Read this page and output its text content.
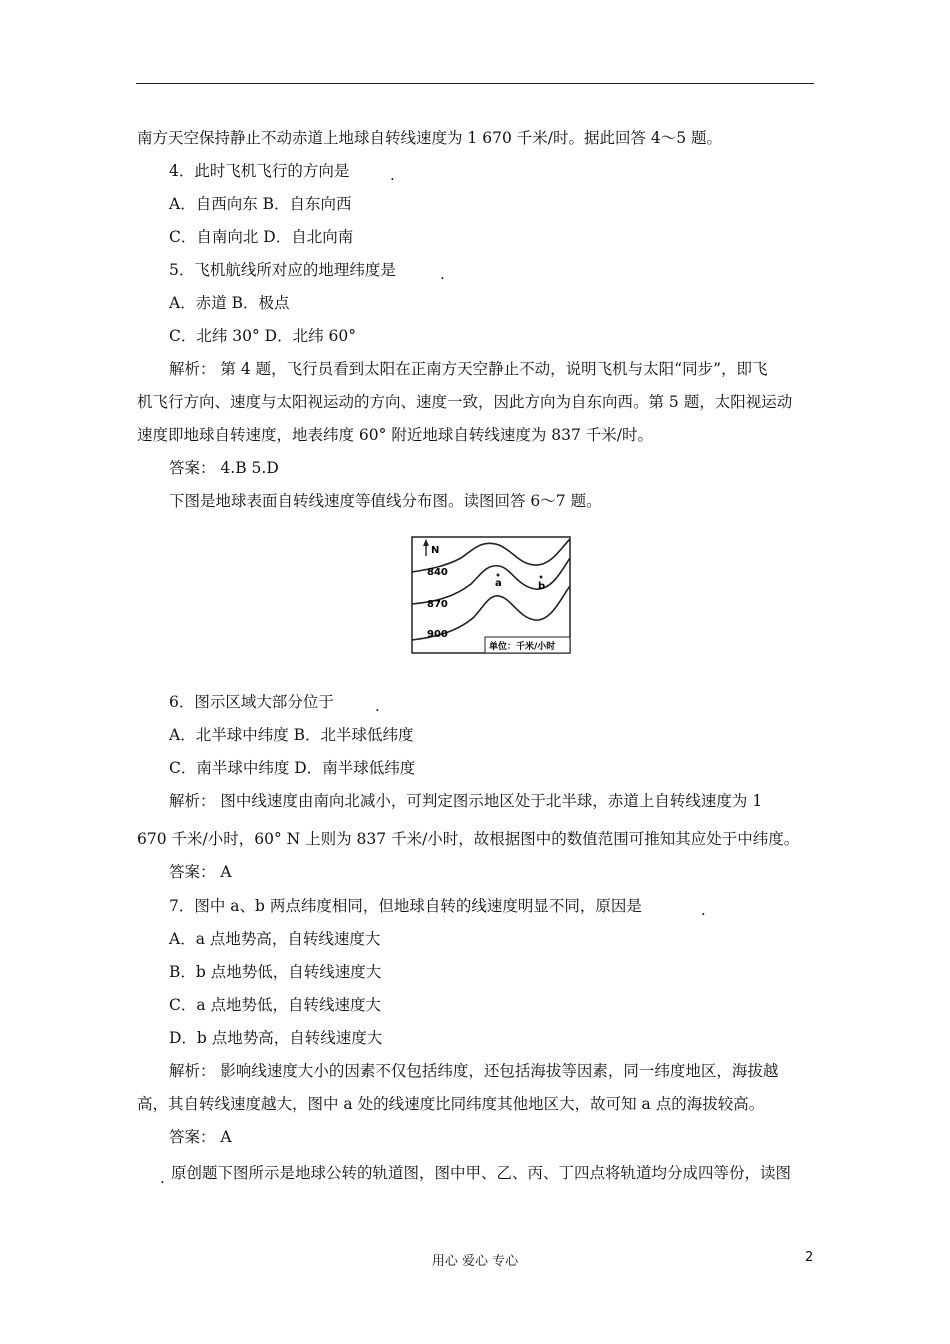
南方天空保持静止不动赤道上地球自转线速度为 1 670 千米/时。据此回答 4～5 题。
4．此时飞机飞行的方向是	.
A．自西向东 B．自东向西
C．自南向北 D．自北向南
5．飞机航线所对应的地理纬度是	.
A．赤道 B．极点
C．北纬 30° D．北纬 60°
解析： 第 4 题，飞行员看到太阳在正南方天空静止不动，说明飞机与太阳“同步”，即飞
机飞行方向、速度与太阳视运动的方向、速度一致，因此方向为自东向西。第 5 题，太阳视运动
速度即地球自转速度，地表纬度 60° 附近地球自转线速度为 837 千米/时。
答案： 4.B 5.D
下图是地球表面自转线速度等值线分布图。读图回答 6～7 题。
N
840
870
900
a	b
单位：千米/小时
6．图示区域大部分位于	.
A．北半球中纬度 B．北半球低纬度
C．南半球中纬度 D．南半球低纬度
解析： 图中线速度由南向北减小，可判定图示地区处于北半球，赤道上自转线速度为 1
670 千米/小时，60° N 上则为 837 千米/小时，故根据图中的数值范围可推知其应处于中纬度。
答案： A
7．图中 a、b 两点纬度相同，但地球自转的线速度明显不同，原因是	.
A．a 点地势高，自转线速度大
B．b 点地势低，自转线速度大
C．a 点地势低，自转线速度大
D．b 点地势高，自转线速度大
解析： 影响线速度大小的因素不仅包括纬度，还包括海拔等因素，同一纬度地区，海拔越
高，其自转线速度越大，图中 a 处的线速度比同纬度其他地区大，故可知 a 点的海拔较高。
答案： A
. 原创题下图所示是地球公转的轨道图，图中甲、乙、丙、丁四点将轨道均分成四等份，读图
用心 爱心 专心	2
